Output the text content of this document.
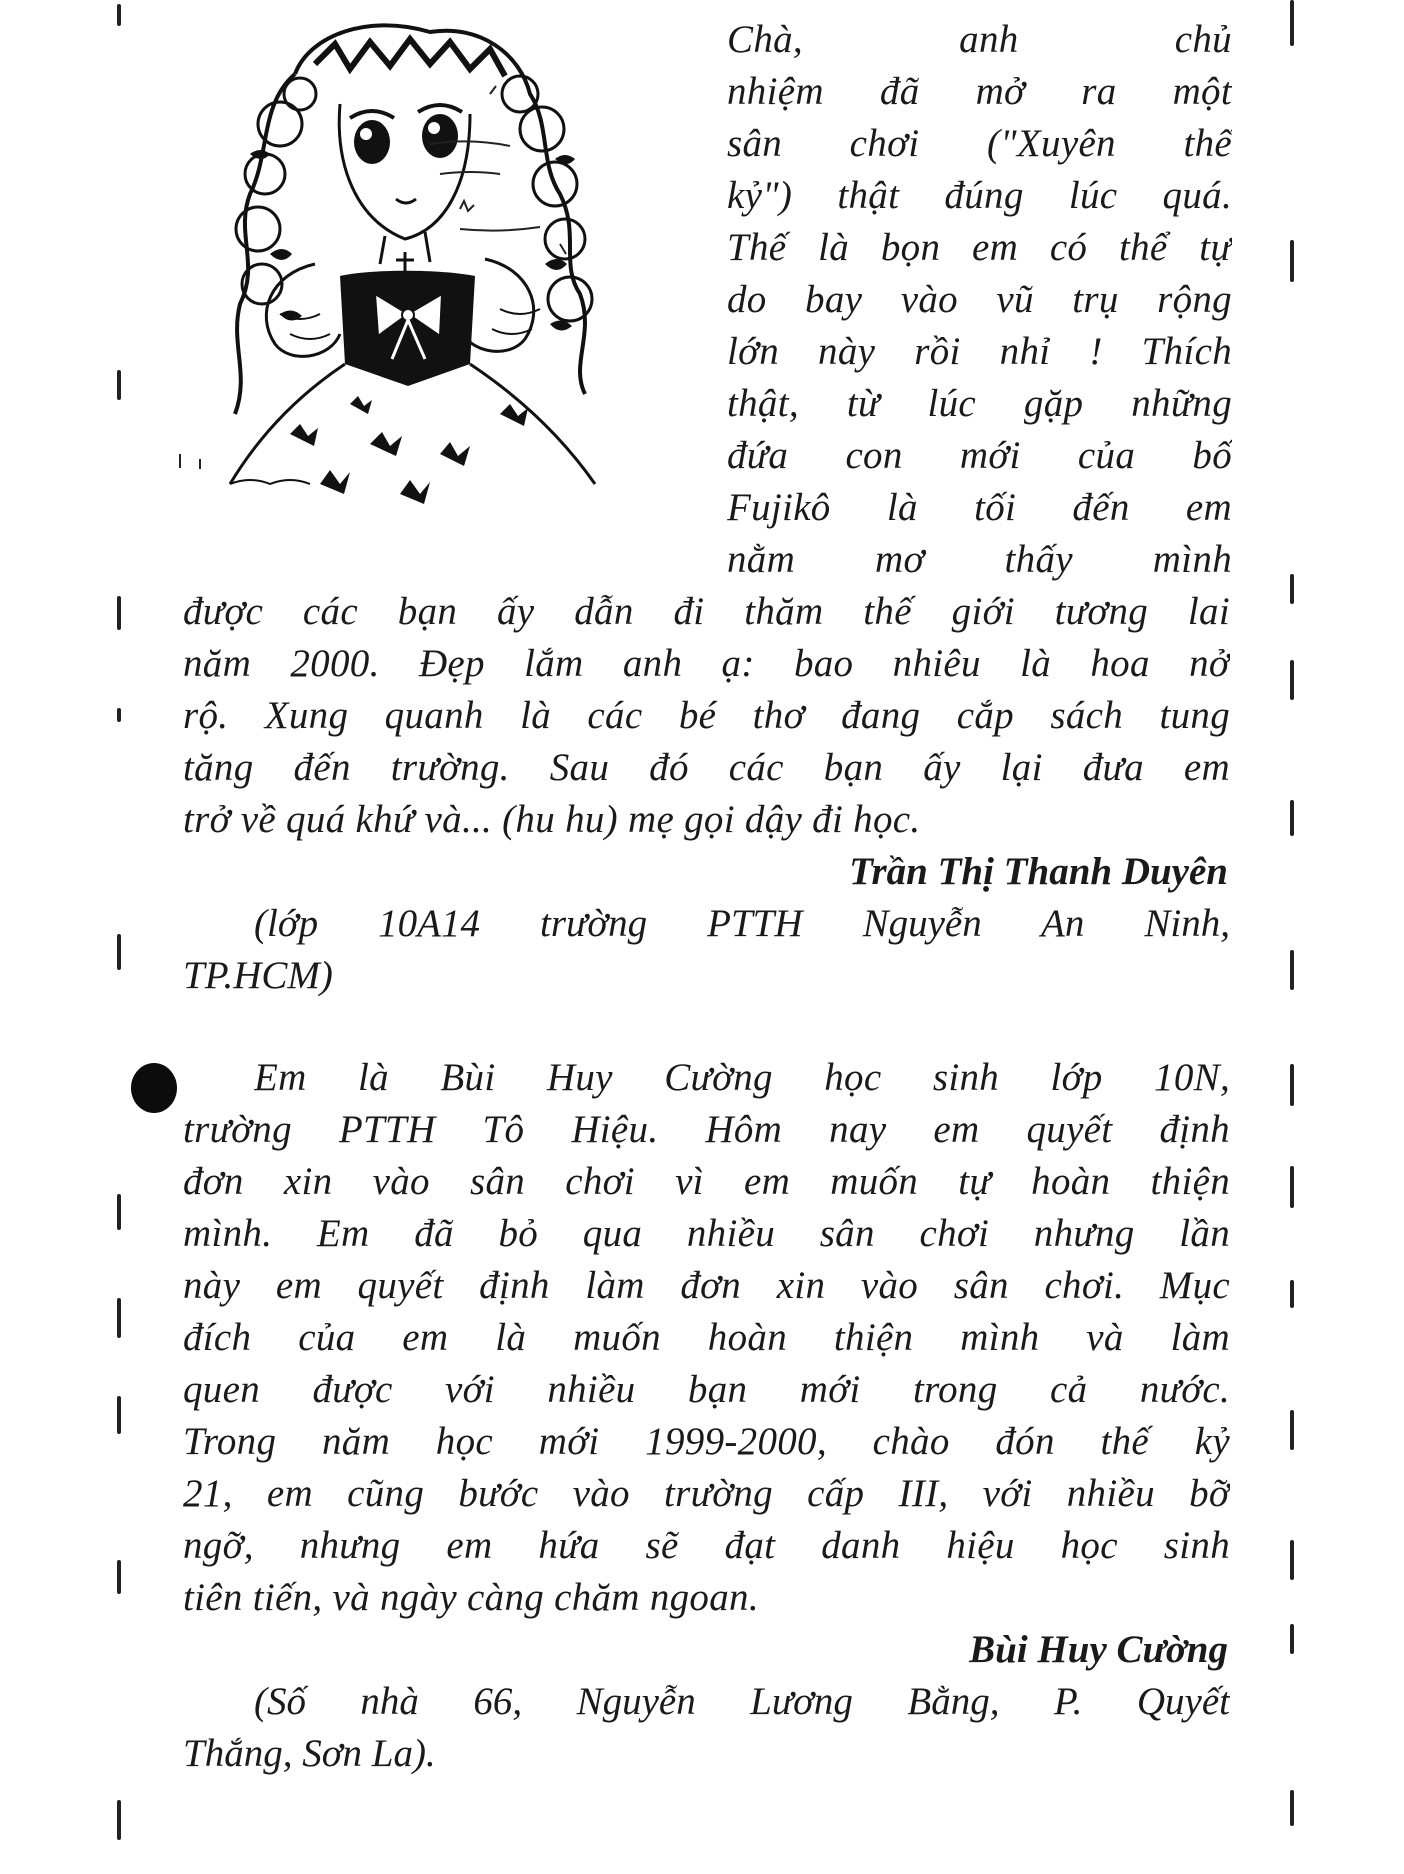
Chà, anh chủ
nhiệm đã mở ra một
sân chơi ("Xuyên thế
kỷ") thật đúng lúc quá.
Thế là bọn em có thể tự
do bay vào vũ trụ rộng
lớn này rồi nhỉ ! Thích
thật, từ lúc gặp những
đứa con mới của bố
Fujikô là tối đến em
nằm mơ thấy mình
được các bạn ấy dẫn đi thăm thế giới tương lai
năm 2000. Đẹp lắm anh ạ: bao nhiêu là hoa nở
rộ. Xung quanh là các bé thơ đang cắp sách tung
tăng đến trường. Sau đó các bạn ấy lại đưa em
trở về quá khứ và... (hu hu) mẹ gọi dậy đi học.
Trần Thị Thanh Duyên
(lớp 10A14 trường PTTH Nguyễn An Ninh,
TP.HCM)
Em là Bùi Huy Cường học sinh lớp 10N,
trường PTTH Tô Hiệu. Hôm nay em quyết định
đơn xin vào sân chơi vì em muốn tự hoàn thiện
mình. Em đã bỏ qua nhiều sân chơi nhưng lần
này em quyết định làm đơn xin vào sân chơi. Mục
đích của em là muốn hoàn thiện mình và làm
quen được với nhiều bạn mới trong cả nước.
Trong năm học mới 1999-2000, chào đón thế kỷ
21, em cũng bước vào trường cấp III, với nhiều bỡ
ngỡ, nhưng em hứa sẽ đạt danh hiệu học sinh
tiên tiến, và ngày càng chăm ngoan.
Bùi Huy Cường
(Số nhà 66, Nguyễn Lương Bằng, P. Quyết
Thắng, Sơn La).
